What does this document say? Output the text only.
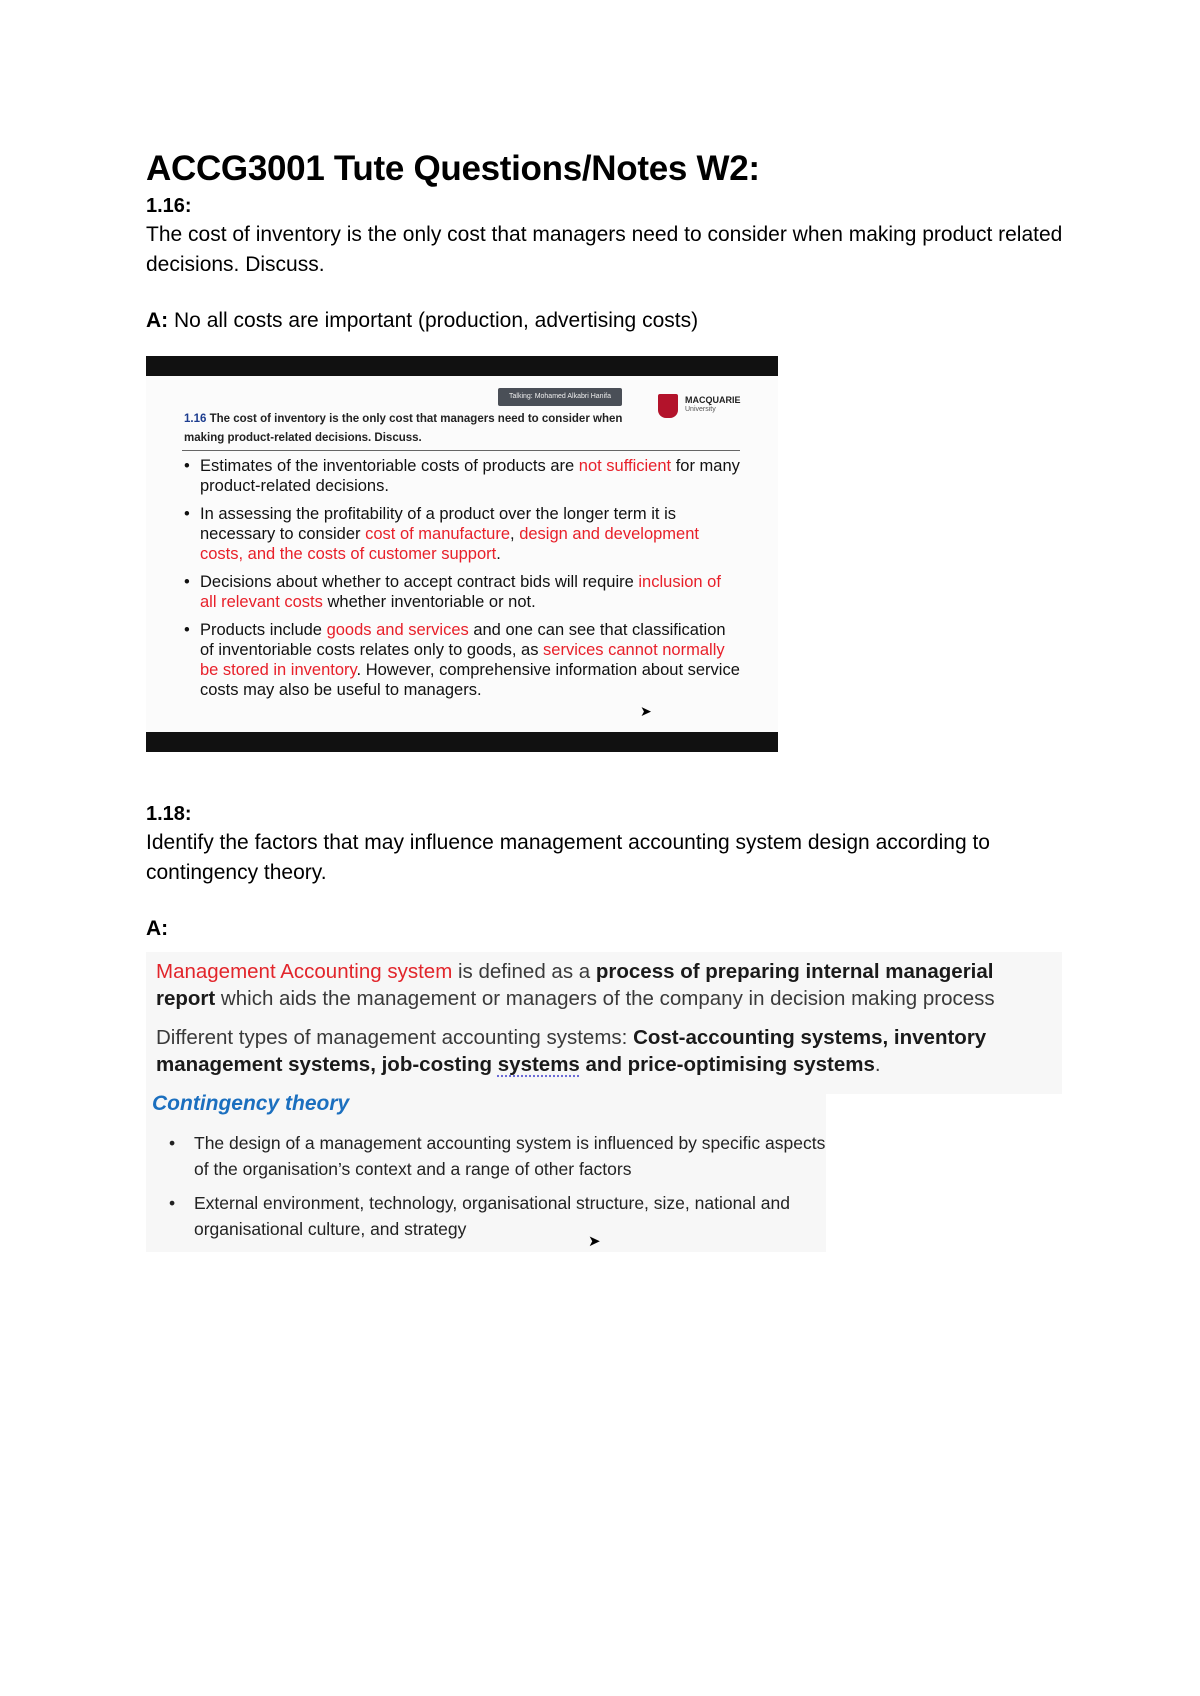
ACCG3001 Tute Questions/Notes W2:

1.16:

The cost of inventory is the only cost that managers need to consider when making product related decisions. Discuss.

A: No all costs are important (production, advertising costs)

Talking: Mohamed Alkabri Hanifa	MACQUARIE
University
1.16 The cost of inventory is the only cost that managers need to consider when making product-related decisions. Discuss.
• Estimates of the inventoriable costs of products are not sufficient for many product-related decisions.
• In assessing the profitability of a product over the longer term it is necessary to consider cost of manufacture, design and development costs, and the costs of customer support.
• Decisions about whether to accept contract bids will require inclusion of all relevant costs whether inventoriable or not.
• Products include goods and services and one can see that classification of inventoriable costs relates only to goods, as services cannot normally be stored in inventory. However, comprehensive information about service costs may also be useful to managers.
➤

1.18:

Identify the factors that may influence management accounting system design according to contingency theory.

A:

Management Accounting system is defined as a process of preparing internal managerial report which aids the management or managers of the company in decision making process

Different types of management accounting systems: Cost-accounting systems, inventory management systems, job-costing systems and price-optimising systems.

Contingency theory
• The design of a management accounting system is influenced by specific aspects of the organisation’s context and a range of other factors
• External environment, technology, organisational structure, size, national and organisational culture, and strategy
➤
